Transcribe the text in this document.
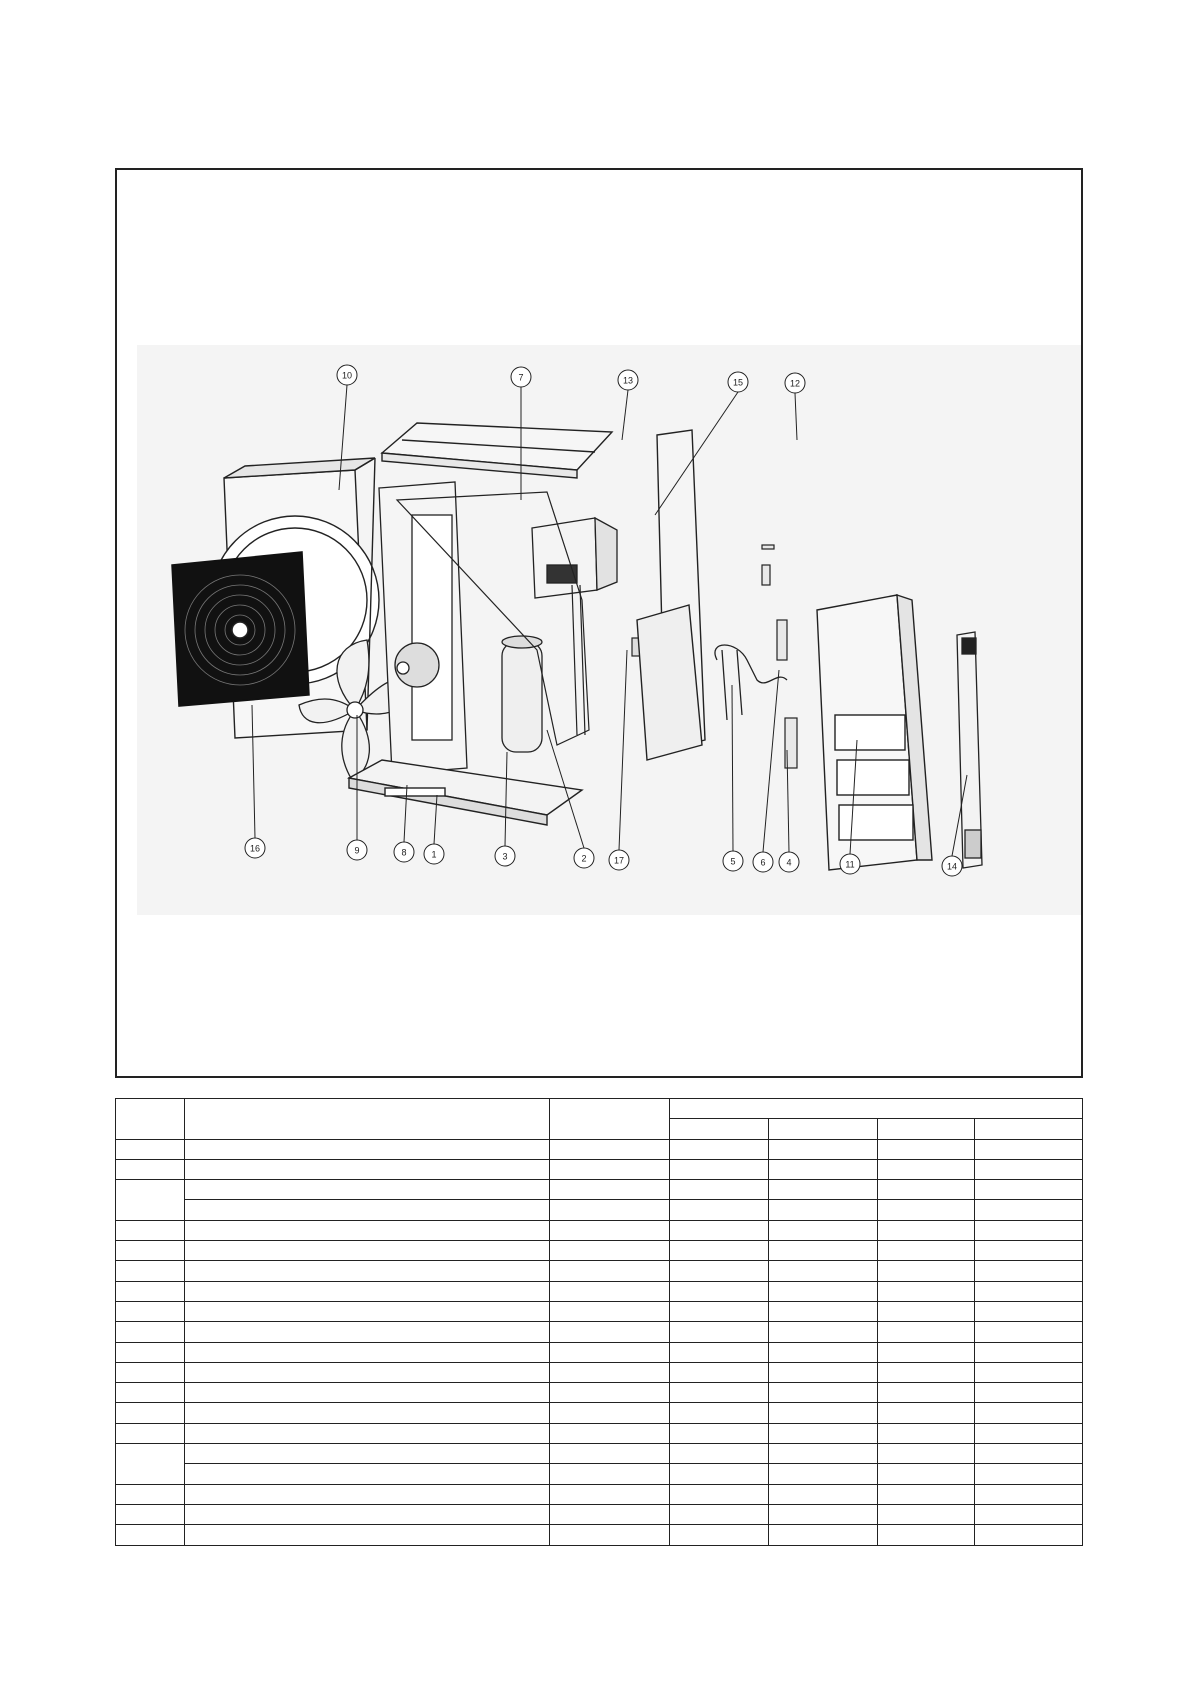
10	7	13	15	12
16	9	8	1	3	2	17	5	6 4	11	14
